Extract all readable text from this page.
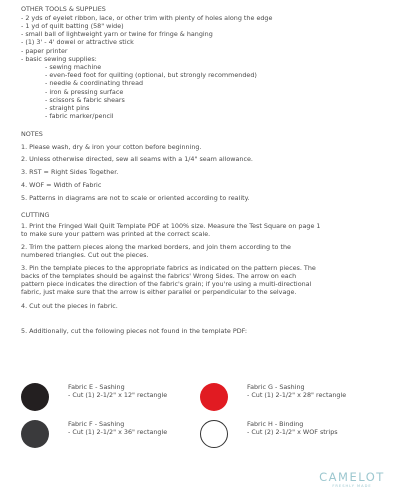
OTHER TOOLS & SUPPLIES
- 2 yds of eyelet ribbon, lace, or other trim with plenty of holes along the edge
- 1 yd of quilt batting (58" wide)
- small ball of lightweight yarn or twine for fringe & hanging
- (1) 3' - 4' dowel or attractive stick
- paper printer
- basic sewing supplies:
- sewing machine
- even-feed foot for quilting (optional, but strongly recommended)
- needle & coordinating thread
- iron & pressing surface
- scissors & fabric shears
- straight pins
- fabric marker/pencil
NOTES
1. Please wash, dry & iron your cotton before beginning.
2. Unless otherwise directed, sew all seams with a 1/4" seam allowance.
3. RST = Right Sides Together.
4. WOF = Width of Fabric
5. Patterns in diagrams are not to scale or oriented according to reality.
CUTTING
1. Print the Fringed Wall Quilt Template PDF at 100% size. Measure the Test Square on page 1
to make sure your pattern was printed at the correct scale.
2. Trim the pattern pieces along the marked borders, and join them according to the
numbered triangles. Cut out the pieces.
3. Pin the template pieces to the appropriate fabrics as indicated on the pattern pieces. The
backs of the templates should be against the fabrics' Wrong Sides. The arrow on each
pattern piece indicates the direction of the fabric's grain; if you're using a multi-directional
fabric, just make sure that the arrow is either parallel or perpendicular to the selvage.
4. Cut out the pieces in fabric.
5. Additionally, cut the following pieces not found in the template PDF:
Fabric E - Sashing
- Cut (1) 2-1/2" x 12" rectangle
Fabric G - Sashing
- Cut (1) 2-1/2" x 28" rectangle
Fabric F - Sashing
- Cut (1) 2-1/2" x 36" rectangle
Fabric H - Binding
- Cut (2) 2-1/2" x WOF strips
CAMELOT
FRESHLY MADE
